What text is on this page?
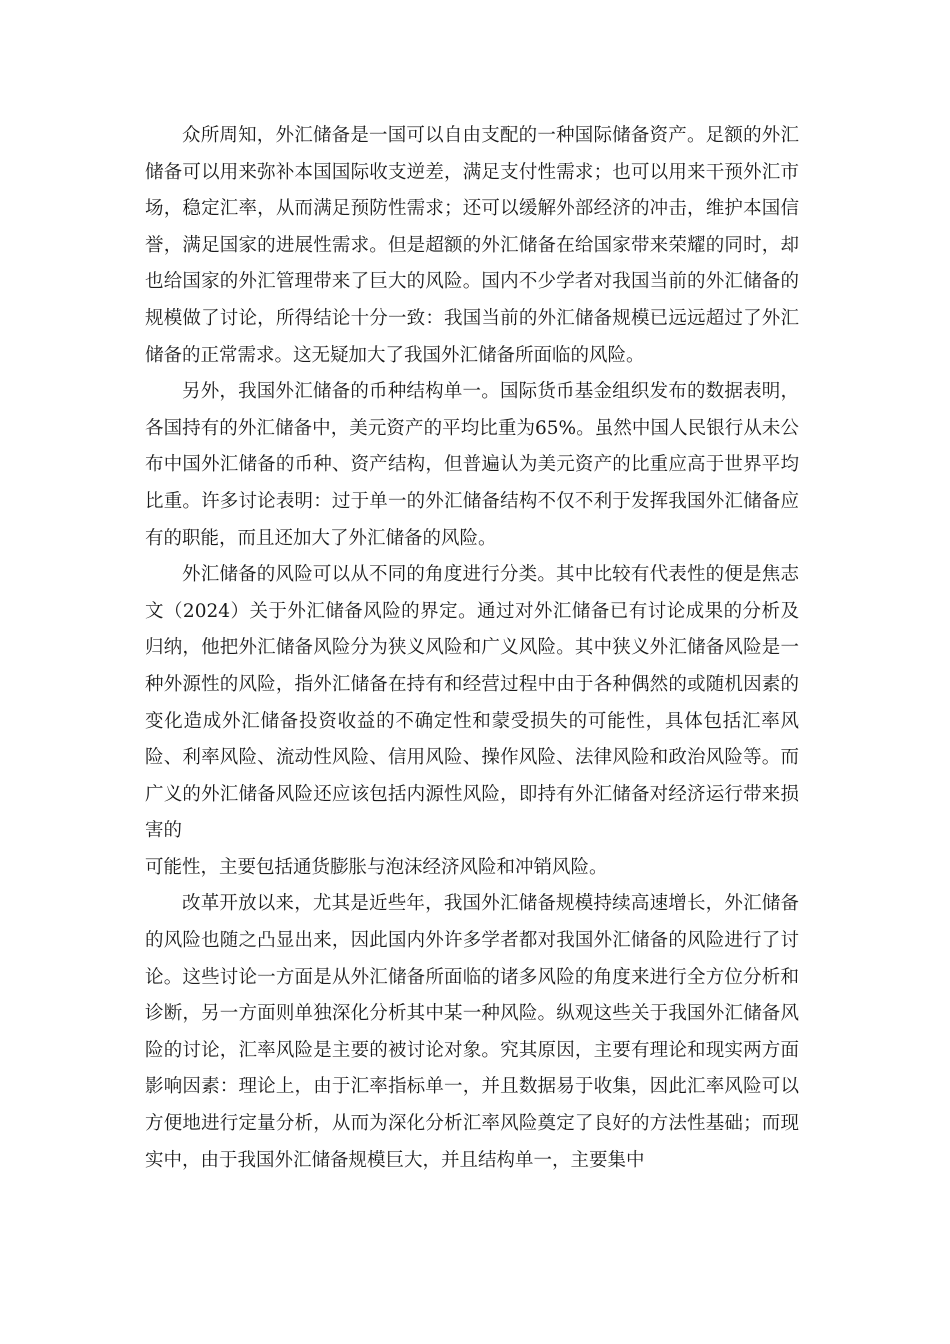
众所周知，外汇储备是一国可以自由支配的一种国际储备资产。足额的外汇储备可以用来弥补本国国际收支逆差，满足支付性需求；也可以用来干预外汇市场，稳定汇率，从而满足预防性需求；还可以缓解外部经济的冲击，维护本国信誉，满足国家的进展性需求。但是超额的外汇储备在给国家带来荣耀的同时，却也给国家的外汇管理带来了巨大的风险。国内不少学者对我国当前的外汇储备的规模做了讨论，所得结论十分一致：我国当前的外汇储备规模已远远超过了外汇储备的正常需求。这无疑加大了我国外汇储备所面临的风险。

另外，我国外汇储备的币种结构单一。国际货币基金组织发布的数据表明，各国持有的外汇储备中，美元资产的平均比重为65%。虽然中国人民银行从未公布中国外汇储备的币种、资产结构，但普遍认为美元资产的比重应高于世界平均比重。许多讨论表明：过于单一的外汇储备结构不仅不利于发挥我国外汇储备应有的职能，而且还加大了外汇储备的风险。

外汇储备的风险可以从不同的角度进行分类。其中比较有代表性的便是焦志文（2024）关于外汇储备风险的界定。通过对外汇储备已有讨论成果的分析及归纳，他把外汇储备风险分为狭义风险和广义风险。其中狭义外汇储备风险是一种外源性的风险，指外汇储备在持有和经营过程中由于各种偶然的或随机因素的变化造成外汇储备投资收益的不确定性和蒙受损失的可能性，具体包括汇率风险、利率风险、流动性风险、信用风险、操作风险、法律风险和政治风险等。而广义的外汇储备风险还应该包括内源性风险，即持有外汇储备对经济运行带来损害的

可能性，主要包括通货膨胀与泡沫经济风险和冲销风险。

改革开放以来，尤其是近些年，我国外汇储备规模持续高速增长，外汇储备的风险也随之凸显出来，因此国内外许多学者都对我国外汇储备的风险进行了讨论。这些讨论一方面是从外汇储备所面临的诸多风险的角度来进行全方位分析和诊断，另一方面则单独深化分析其中某一种风险。纵观这些关于我国外汇储备风险的讨论，汇率风险是主要的被讨论对象。究其原因，主要有理论和现实两方面影响因素：理论上，由于汇率指标单一，并且数据易于收集，因此汇率风险可以方便地进行定量分析，从而为深化分析汇率风险奠定了良好的方法性基础；而现实中，由于我国外汇储备规模巨大，并且结构单一，主要集中
